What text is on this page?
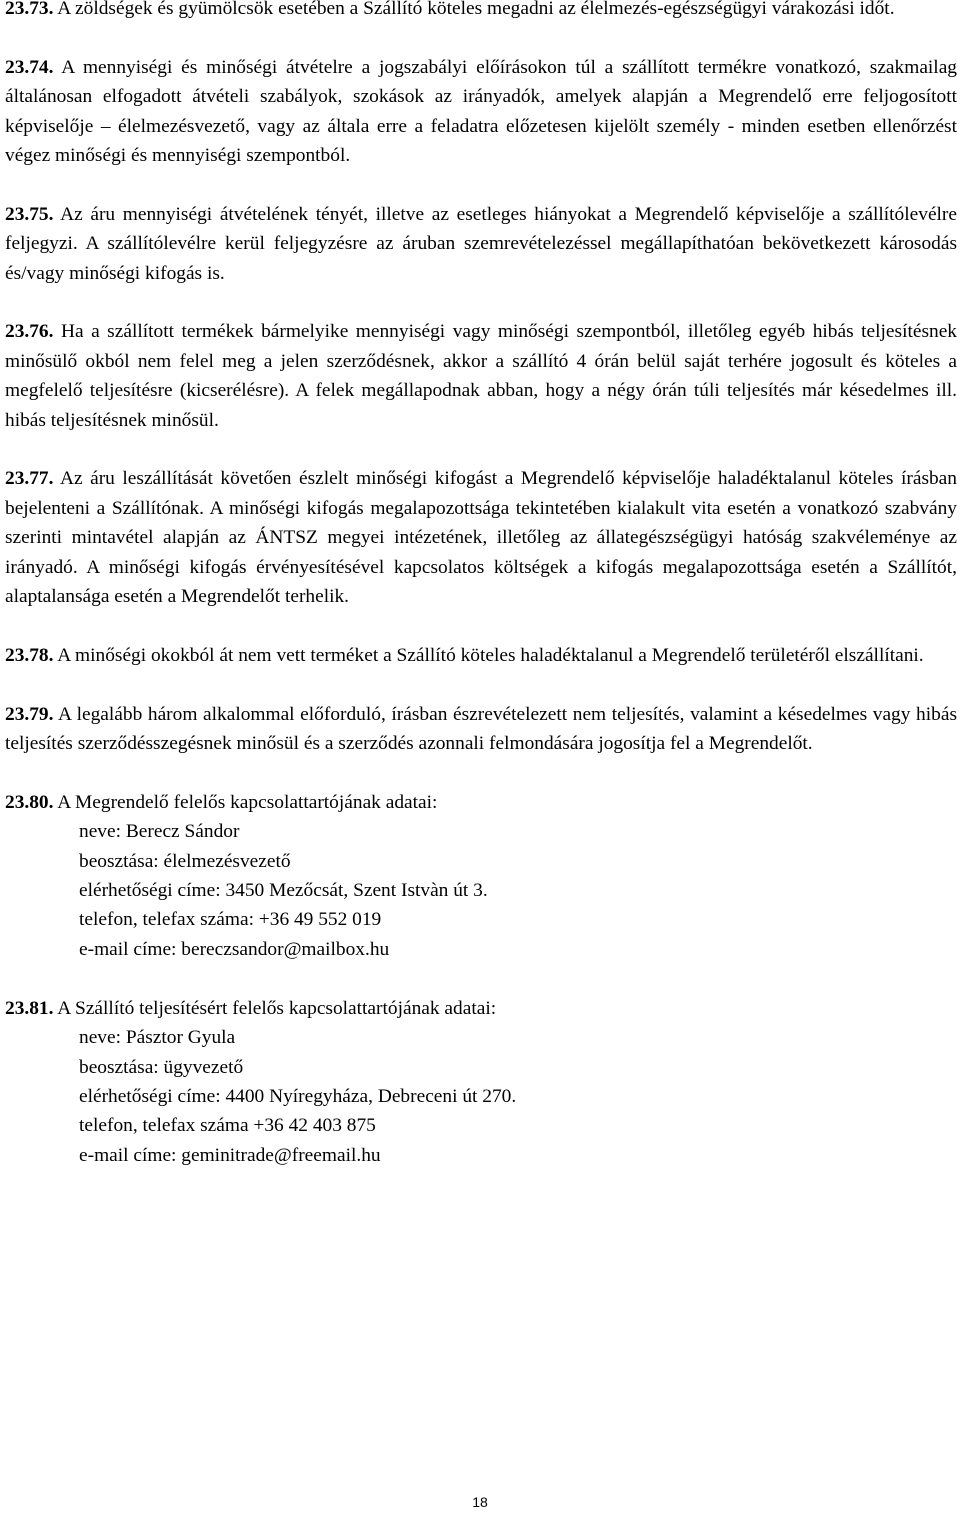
23.73. A zöldségek és gyümölcsök esetében a Szállító köteles megadni az élelmezés-egészségügyi várakozási időt.

23.74. A mennyiségi és minőségi átvételre a jogszabályi előírásokon túl a szállított termékre vonatkozó, szakmailag általánosan elfogadott átvételi szabályok, szokások az irányadók, amelyek alapján a Megrendelő erre feljogosított képviselője – élelmezésvezető, vagy az általa erre a feladatra előzetesen kijelölt személy - minden esetben ellenőrzést végez minőségi és mennyiségi szempontból.

23.75. Az áru mennyiségi átvételének tényét, illetve az esetleges hiányokat a Megrendelő képviselője a szállítólevélre feljegyzi. A szállítólevélre kerül feljegyzésre az áruban szemrevételezéssel megállapíthatóan bekövetkezett károsodás és/vagy minőségi kifogás is.

23.76. Ha a szállított termékek bármelyike mennyiségi vagy minőségi szempontból, illetőleg egyéb hibás teljesítésnek minősülő okból nem felel meg a jelen szerződésnek, akkor a szállító 4 órán belül saját terhére jogosult és köteles a megfelelő teljesítésre (kicserélésre). A felek megállapodnak abban, hogy a négy órán túli teljesítés már késedelmes ill. hibás teljesítésnek minősül.

23.77. Az áru leszállítását követően észlelt minőségi kifogást a Megrendelő képviselője haladéktalanul köteles írásban bejelenteni a Szállítónak. A minőségi kifogás megalapozottsága tekintetében kialakult vita esetén a vonatkozó szabvány szerinti mintavétel alapján az ÁNTSZ megyei intézetének, illetőleg az állategészségügyi hatóság szakvéleménye az irányadó. A minőségi kifogás érvényesítésével kapcsolatos költségek a kifogás megalapozottsága esetén a Szállítót, alaptalansága esetén a Megrendelőt terhelik.

23.78. A minőségi okokból át nem vett terméket a Szállító köteles haladéktalanul a Megrendelő területéről elszállítani.

23.79. A legalább három alkalommal előforduló, írásban észrevételezett nem teljesítés, valamint a késedelmes vagy hibás teljesítés szerződésszegésnek minősül és a szerződés azonnali felmondására jogosítja fel a Megrendelőt.

23.80. A Megrendelő felelős kapcsolattartójának adatai:
neve: Berecz Sándor
beosztása: élelmezésvezető
elérhetőségi címe: 3450 Mezőcsát, Szent Istvàn út 3.
telefon, telefax száma: +36 49 552 019
e-mail címe: bereczsandor@mailbox.hu
23.81. A Szállító teljesítésért felelős kapcsolattartójának adatai:
neve: Pásztor Gyula
beosztása: ügyvezető
elérhetőségi címe: 4400 Nyíregyháza, Debreceni út 270.
telefon, telefax száma +36 42 403 875
e-mail címe: geminitrade@freemail.hu
18
